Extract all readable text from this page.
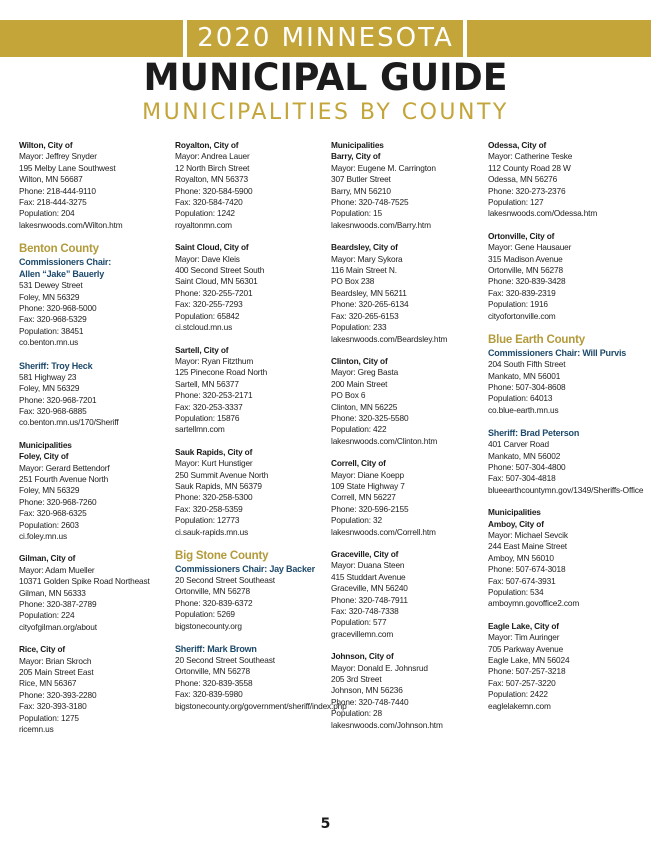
2020 MINNESOTA
MUNICIPAL GUIDE
MUNICIPALITIES BY COUNTY
Wilton, City of
Mayor: Jeffrey Snyder
195 Melby Lane Southwest
Wilton, MN 56687
Phone: 218-444-9110
Fax: 218-444-3275
Population: 204
lakesnwoods.com/Wilton.htm
Benton County
Commissioners Chair:
Allen “Jake” Bauerly
531 Dewey Street
Foley, MN 56329
Phone: 320-968-5000
Fax: 320-968-5329
Population: 38451
co.benton.mn.us
Sheriff: Troy Heck
581 Highway 23
Foley, MN 56329
Phone: 320-968-7201
Fax: 320-968-6885
co.benton.mn.us/170/Sheriff
Municipalities
Foley, City of
Mayor: Gerard Bettendorf
251 Fourth Avenue North
Foley, MN 56329
Phone: 320-968-7260
Fax: 320-968-6325
Population: 2603
ci.foley.mn.us
Gilman, City of
Mayor: Adam Mueller
10371 Golden Spike Road Northeast
Gilman, MN 56333
Phone: 320-387-2789
Population: 224
cityofgilman.org/about
Rice, City of
Mayor: Brian Skroch
205 Main Street East
Rice, MN 56367
Phone: 320-393-2280
Fax: 320-393-3180
Population: 1275
ricemn.us
Royalton, City of
Mayor: Andrea Lauer
12 North Birch Street
Royalton, MN 56373
Phone: 320-584-5900
Fax: 320-584-7420
Population: 1242
royaltonmn.com
Saint Cloud, City of
Mayor: Dave Kleis
400 Second Street South
Saint Cloud, MN 56301
Phone: 320-255-7201
Fax: 320-255-7293
Population: 65842
ci.stcloud.mn.us
Sartell, City of
Mayor: Ryan Fitzthum
125 Pinecone Road North
Sartell, MN 56377
Phone: 320-253-2171
Fax: 320-253-3337
Population: 15876
sartellmn.com
Sauk Rapids, City of
Mayor: Kurt Hunstiger
250 Summit Avenue North
Sauk Rapids, MN 56379
Phone: 320-258-5300
Fax: 320-258-5359
Population: 12773
ci.sauk-rapids.mn.us
Big Stone County
Commissioners Chair: Jay Backer
20 Second Street Southeast
Ortonville, MN 56278
Phone: 320-839-6372
Population: 5269
bigstonecounty.org
Sheriff: Mark Brown
20 Second Street Southeast
Ortonville, MN 56278
Phone: 320-839-3558
Fax: 320-839-5980
bigstonecounty.org/government/sheriff/index.php
Municipalities
Barry, City of
Mayor: Eugene M. Carrington
307 Butler Street
Barry, MN 56210
Phone: 320-748-7525
Population: 15
lakesnwoods.com/Barry.htm
Beardsley, City of
Mayor: Mary Sykora
116 Main Street N.
PO Box 238
Beardsley, MN 56211
Phone: 320-265-6134
Fax: 320-265-6153
Population: 233
lakesnwoods.com/Beardsley.htm
Clinton, City of
Mayor: Greg Basta
200 Main Street
PO Box 6
Clinton, MN 56225
Phone: 320-325-5580
Population: 422
lakesnwoods.com/Clinton.htm
Correll, City of
Mayor: Diane Koepp
109 State Highway 7
Correll, MN 56227
Phone: 320-596-2155
Population: 32
lakesnwoods.com/Correll.htm
Graceville, City of
Mayor: Duana Steen
415 Studdart Avenue
Graceville, MN 56240
Phone: 320-748-7911
Fax: 320-748-7338
Population: 577
gracevillemn.com
Johnson, City of
Mayor: Donald E. Johnsrud
205 3rd Street
Johnson, MN 56236
Phone: 320-748-7440
Population: 28
lakesnwoods.com/Johnson.htm
Odessa, City of
Mayor: Catherine Teske
112 County Road 28 W
Odessa, MN 56276
Phone: 320-273-2376
Population: 127
lakesnwoods.com/Odessa.htm
Ortonville, City of
Mayor: Gene Hausauer
315 Madison Avenue
Ortonville, MN 56278
Phone: 320-839-3428
Fax: 320-839-2319
Population: 1916
cityofortonville.com
Blue Earth County
Commissioners Chair: Will Purvis
204 South Fifth Street
Mankato, MN 56001
Phone: 507-304-8608
Population: 64013
co.blue-earth.mn.us
Sheriff: Brad Peterson
401 Carver Road
Mankato, MN 56002
Phone: 507-304-4800
Fax: 507-304-4818
blueearthcountymn.gov/1349/Sheriffs-Office
Municipalities
Amboy, City of
Mayor: Michael Sevcik
244 East Maine Street
Amboy, MN 56010
Phone: 507-674-3018
Fax: 507-674-3931
Population: 534
amboymn.govoffice2.com
Eagle Lake, City of
Mayor: Tim Auringer
705 Parkway Avenue
Eagle Lake, MN 56024
Phone: 507-257-3218
Fax: 507-257-3220
Population: 2422
eaglelakemn.com
5
